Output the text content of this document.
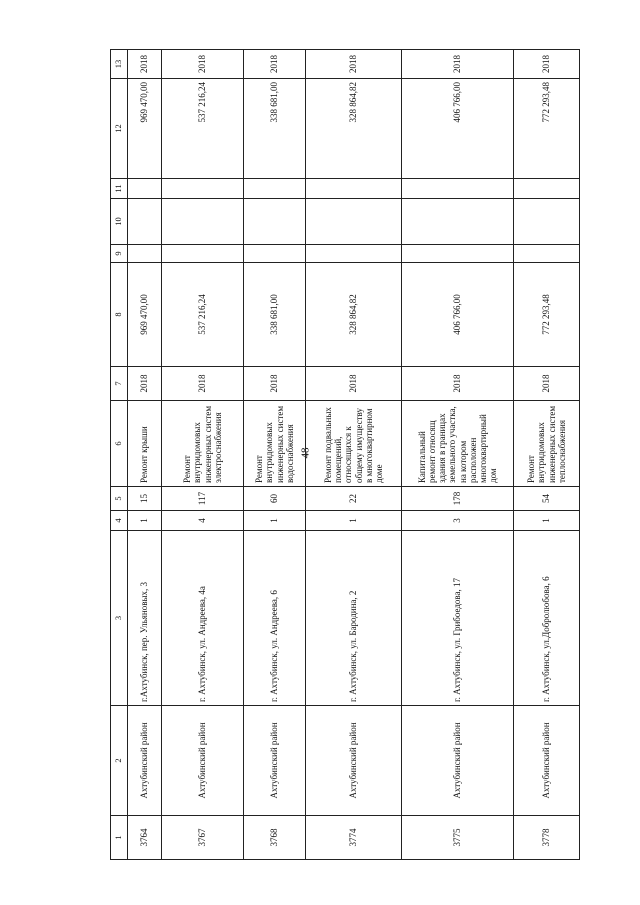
48
1	2	3	4	5	6	7	8	9	10	11	12	13
3764	Ахтубинский район	г.Ахтубинск, пер. Ульяновых, 3	1	15	Ремонт крыши	2018	969 470,00				969 470,00	2018
3767	Ахтубинский район	г. Ахтубинск, ул. Андреева, 4а	4	117	Ремонт внутридомовых инженерных систем электроснабжения	2018	537 216,24				537 216,24	2018
3768	Ахтубинский район	г. Ахтубинск, ул. Андреева, 6	1	60	Ремонт внутридомовых инженерных систем водоснабжения	2018	338 681,00				338 681,00	2018
3774	Ахтубинский район	г. Ахтубинск, ул. Бародина, 2	1	22	Ремонт подвальных помещений, относящихся к общему имуществу в многоквартирном доме	2018	328 864,82				328 864,82	2018
3775	Ахтубинский район	г. Ахтубинск, ул. Грибоедова, 17	3	178	Капитальный ремонт относящ здания в границах земельного участка, на котором расположен многоквартирный дом	2018	406 766,00				406 766,00	2018
3778	Ахтубинский район	г. Ахтубинск, ул.Добролюбова, 6	1	54	Ремонт внутридомовых инженерных систем теплоснабжения	2018	772 293,48				772 293,48	2018
